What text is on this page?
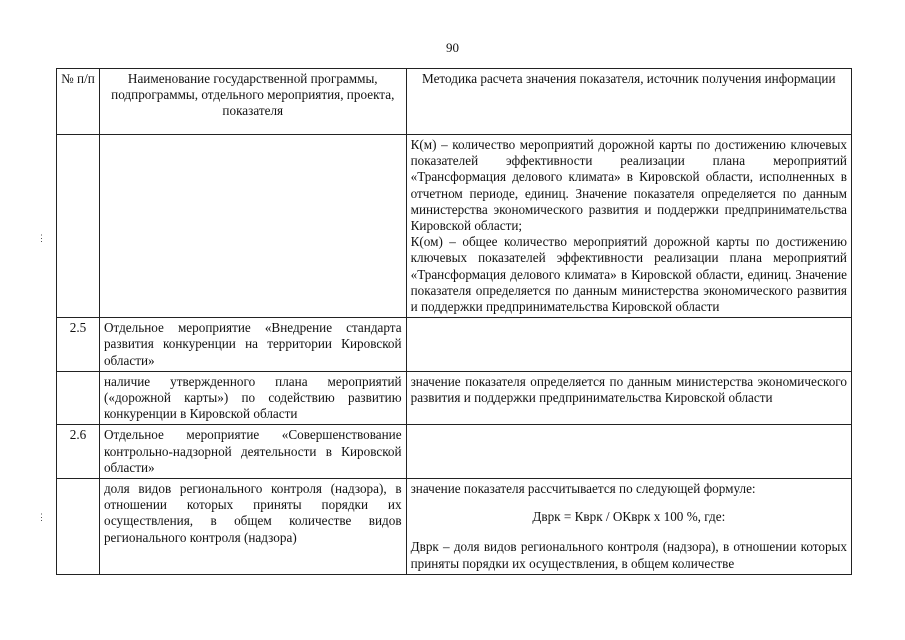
90
⋮
⋮
№ п/п	Наименование государственной программы, подпрограммы, отдельного мероприятия, проекта, показателя	Методика расчета значения показателя, источник получения информации

		К(м) – количество мероприятий дорожной карты по достижению ключевых показателей эффективности реализации плана мероприятий «Трансформация делового климата» в Кировской области, исполненных в отчетном периоде, единиц. Значение показателя определяется по данным министерства экономического развития и поддержки предпринимательства Кировской области;
К(ом) – общее количество мероприятий дорожной карты по достижению ключевых показателей эффективности реализации плана мероприятий «Трансформация делового климата» в Кировской области, единиц. Значение показателя определяется по данным министерства экономического развития и поддержки предпринимательства Кировской области

2.5	Отдельное мероприятие «Внедрение стандарта развития конкуренции на территории Кировской области»	
	наличие утвержденного плана мероприятий («дорожной карты») по содействию развитию конкуренции в Кировской области	значение показателя определяется по данным министерства экономического развития и поддержки предпринимательства Кировской области
2.6	Отдельное мероприятие «Совершенствование контрольно-надзорной деятельности в Кировской области»	
	доля видов регионального контроля (надзора), в отношении которых приняты порядки их осуществления, в общем количестве видов регионального контроля (надзора)	значение показателя рассчитывается по следующей формуле:
Дврк = Кврк / ОКврк x 100 %, где:
Дврк – доля видов регионального контроля (надзора), в отношении которых приняты порядки их осуществления, в общем количестве
